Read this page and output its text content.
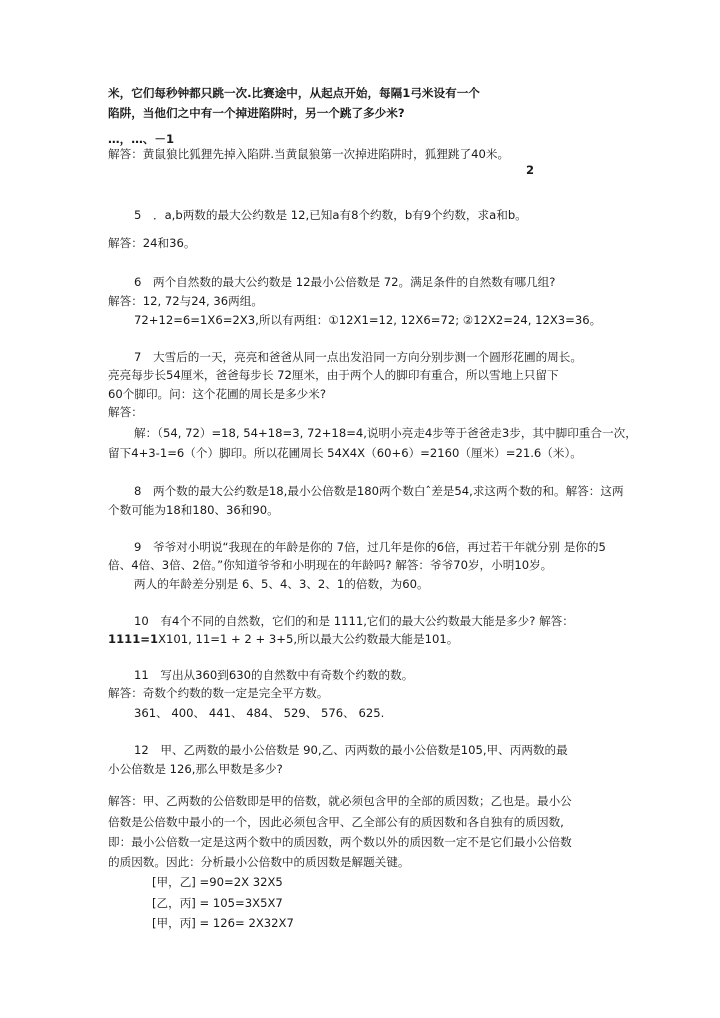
米，它们每秒钟都只跳一次.比赛途中，从起点开始，每隔1弓米设有一个
陷阱，当他们之中有一个掉进陷阱时，另一个跳了多少米?
…，…、－1
解答：黄鼠狼比狐狸先掉入陷阱.当黄鼠狼第一次掉进陷阱时，狐狸跳了40米。
2
5　．a,b两数的最大公约数是 12,已知a有8个约数，b有9个约数，求a和b。
解答：24和36。
6　两个自然数的最大公约数是 12最小公倍数是 72。满足条件的自然数有哪几组?
解答：12, 72与24, 36两组。
72+12=6=1X6=2X3,所以有两组：①12X1=12, 12X6=72; ②12X2=24, 12X3=36。
7　大雪后的一天，亮亮和爸爸从同一点出发沿同一方向分别步测一个圆形花圃的周长。
亮亮每步长54厘米，爸爸每步长 72厘米，由于两个人的脚印有重合，所以雪地上只留下
60个脚印。问：这个花圃的周长是多少米?
解答：
解：（54, 72）=18, 54+18=3, 72+18=4,说明小亮走4步等于爸爸走3步，其中脚印重合一次，
留下4+3-1=6（个）脚印。所以花圃周长 54X4X（60+6）=2160（厘米）=21.6（米）。
8　两个数的最大公约数是18,最小公倍数是180两个数白ˆ差是54,求这两个数的和。解答：这两
个数可能为18和180、36和90。
9　爷爷对小明说“我现在的年龄是你的 7倍，过几年是你的6倍，再过若干年就分别 是你的5
倍、4倍、3倍、2倍。”你知道爷爷和小明现在的年龄吗? 解答：爷爷70岁，小明10岁。
两人的年龄差分别是 6、5、4、3、2、1的倍数，为60。
10　有4个不同的自然数，它们的和是 1111,它们的最大公约数最大能是多少? 解答：
1111=1X101, 11=1 + 2 + 3+5,所以最大公约数最大能是101。
11　写出从360到630的自然数中有奇数个约数的数。
解答：奇数个约数的数一定是完全平方数。
361、 400、 441、 484、 529、 576、 625.
12　甲、乙两数的最小公倍数是 90,乙、丙两数的最小公倍数是105,甲、丙两数的最
小公倍数是 126,那么甲数是多少?
解答：甲、乙两数的公倍数即是甲的倍数，就必须包含甲的全部的质因数；乙也是。最小公
倍数是公倍数中最小的一个，因此必须包含甲、乙全部公有的质因数和各自独有的质因数,
即：最小公倍数一定是这两个数中的质因数，两个数以外的质因数一定不是它们最小公倍数
的质因数。因此：分析最小公倍数中的质因数是解题关键。
[甲，乙] =90=2X 32X5
[乙，丙] = 105=3X5X7
[甲，丙] = 126= 2X32X7
